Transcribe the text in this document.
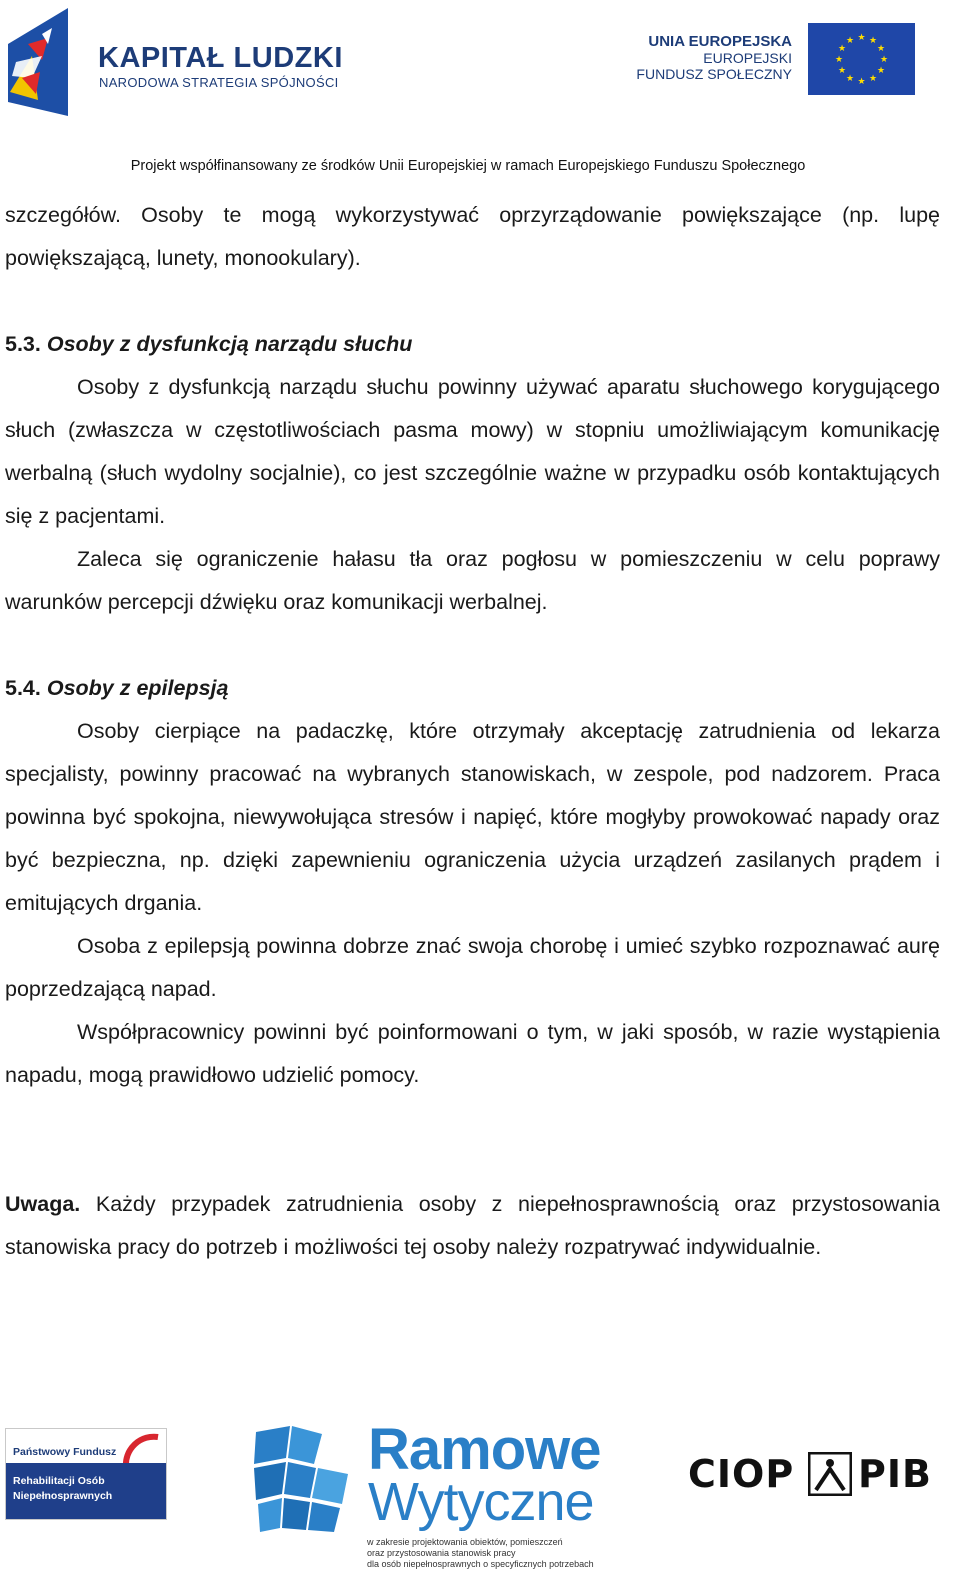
KAPITAŁ LUDZKI
NARODOWA STRATEGIA SPÓJNOŚCI
UNIA EUROPEJSKA
EUROPEJSKI
FUNDUSZ SPOŁECZNY
★ ★
★
★
★
★
★
★
★
★
★
★
Projekt współfinansowany ze środków Unii Europejskiej w ramach Europejskiego Funduszu Społecznego

szczegółów. Osoby te mogą wykorzystywać oprzyrządowanie powiększające (np. lupę powiększającą, lunety, monookulary).

5.3. Osoby z dysfunkcją narządu słuchu

Osoby z dysfunkcją narządu słuchu powinny używać aparatu słuchowego korygującego słuch (zwłaszcza w częstotliwościach pasma mowy) w stopniu umożliwiającym komunikację werbalną (słuch wydolny socjalnie), co jest szczególnie ważne w przypadku osób kontaktujących się z pacjentami.

Zaleca się ograniczenie hałasu tła oraz pogłosu w pomieszczeniu w celu poprawy warunków percepcji dźwięku oraz komunikacji werbalnej.

5.4. Osoby z epilepsją

Osoby cierpiące na padaczkę, które otrzymały akceptację zatrudnienia od lekarza specjalisty, powinny pracować na wybranych stanowiskach, w zespole, pod nadzorem. Praca powinna być spokojna, niewywołująca stresów i napięć, które mogłyby prowokować napady oraz być bezpieczna, np. dzięki zapewnieniu ograniczenia użycia urządzeń zasilanych prądem i emitujących drgania.

Osoba z epilepsją powinna dobrze znać swoja chorobę i umieć szybko rozpoznawać aurę poprzedzającą napad.

Współpracownicy powinni być poinformowani o tym, w jaki sposób, w razie wystąpienia napadu, mogą prawidłowo udzielić pomocy.

Uwaga. Każdy przypadek zatrudnienia osoby z niepełnosprawnością oraz przystosowania stanowiska pracy do potrzeb i możliwości tej osoby należy rozpatrywać indywidualnie.

Państwowy Fundusz
Rehabilitacji Osób
Niepełnosprawnych
Ramowe
Wytyczne
w zakresie projektowania obiektów, pomieszczeń
oraz przystosowania stanowisk pracy
dla osób niepełnosprawnych o specyficznych potrzebach
CIOP PIB
